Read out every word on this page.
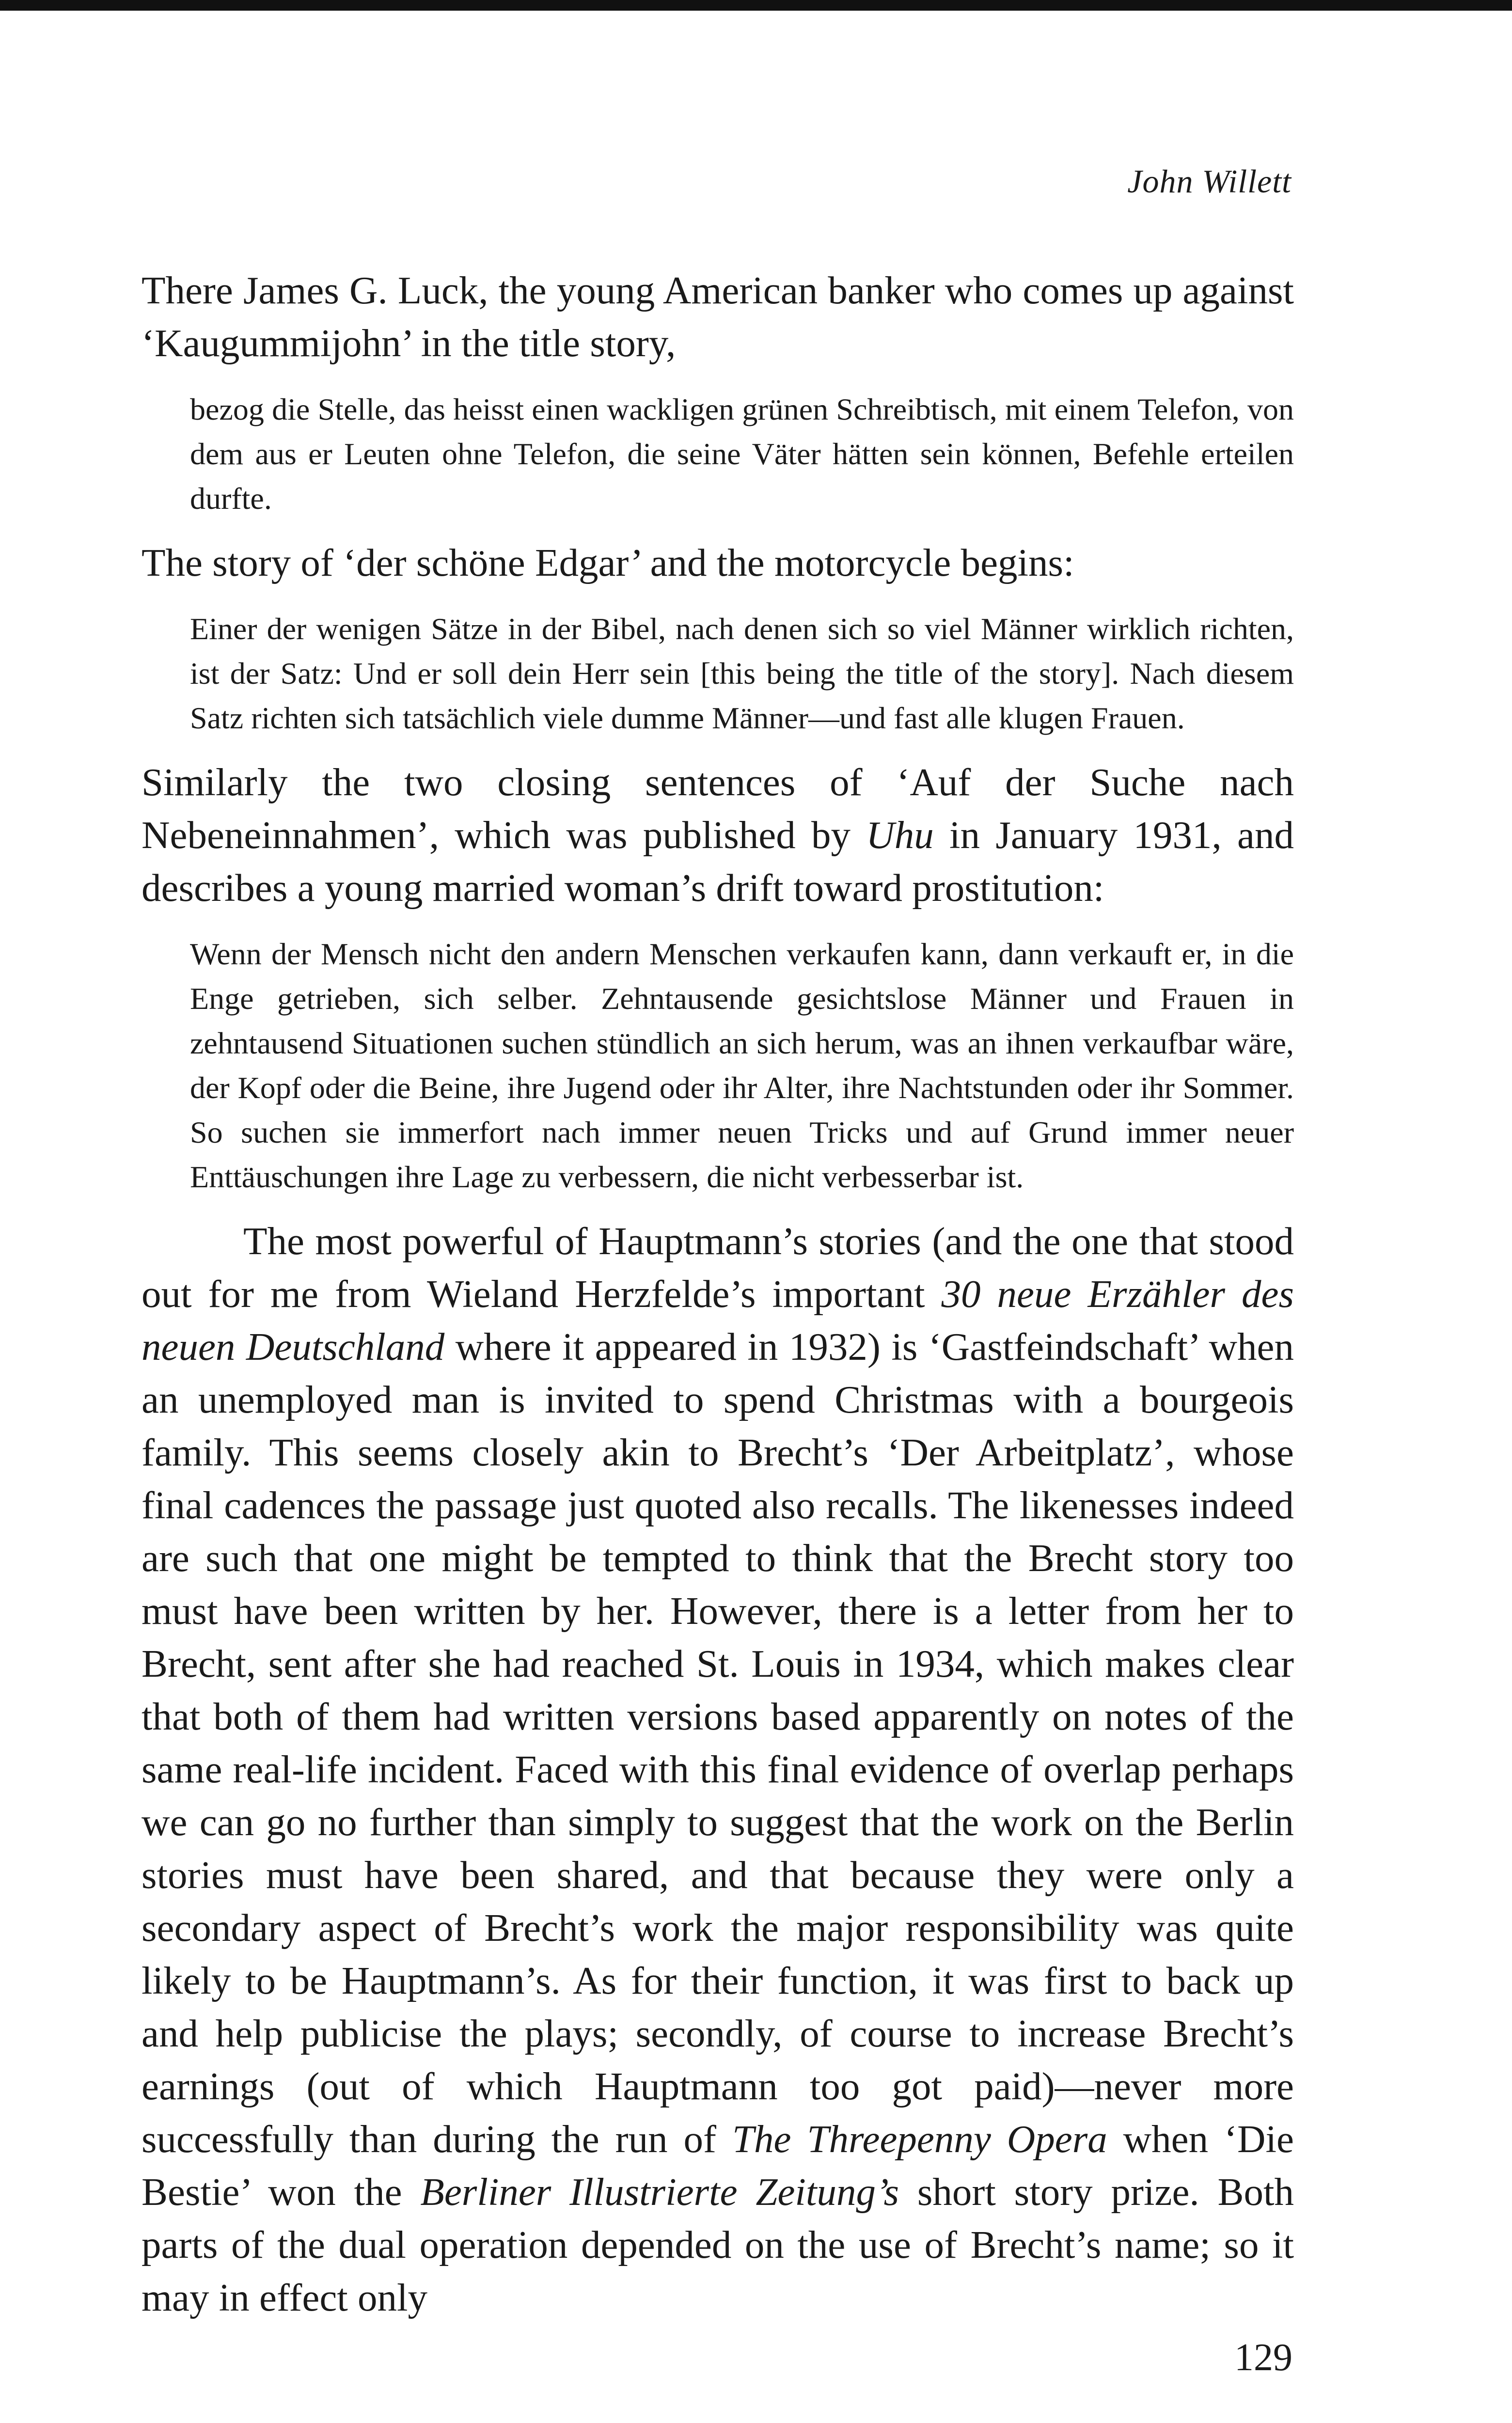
John Willett

There James G. Luck, the young American banker who comes up against ‘Kaugummijohn’ in the title story,

bezog die Stelle, das heisst einen wackligen grünen Schreibtisch, mit einem Telefon, von dem aus er Leuten ohne Telefon, die seine Väter hätten sein können, Befehle erteilen durfte.

The story of ‘der schöne Edgar’ and the motorcycle begins:

Einer der wenigen Sätze in der Bibel, nach denen sich so viel Männer wirklich richten, ist der Satz: Und er soll dein Herr sein [this being the title of the story]. Nach diesem Satz richten sich tatsächlich viele dumme Männer—und fast alle klugen Frauen.

Similarly the two closing sentences of ‘Auf der Suche nach Nebeneinnahmen’, which was published by Uhu in January 1931, and describes a young married woman’s drift toward prostitution:

Wenn der Mensch nicht den andern Menschen verkaufen kann, dann verkauft er, in die Enge getrieben, sich selber. Zehntausende gesichtslose Männer und Frauen in zehntausend Situationen suchen stündlich an sich herum, was an ihnen verkaufbar wäre, der Kopf oder die Beine, ihre Jugend oder ihr Alter, ihre Nachtstunden oder ihr Sommer. So suchen sie immerfort nach immer neuen Tricks und auf Grund immer neuer Enttäuschungen ihre Lage zu verbessern, die nicht verbesserbar ist.

The most powerful of Hauptmann’s stories (and the one that stood out for me from Wieland Herzfelde’s important 30 neue Erzähler des neuen Deutschland where it appeared in 1932) is ‘Gastfeindschaft’ when an unemployed man is invited to spend Christmas with a bourgeois family. This seems closely akin to Brecht’s ‘Der Arbeitplatz’, whose final cadences the passage just quoted also recalls. The likenesses indeed are such that one might be tempted to think that the Brecht story too must have been written by her. However, there is a letter from her to Brecht, sent after she had reached St. Louis in 1934, which makes clear that both of them had written versions based apparently on notes of the same real-life incident. Faced with this final evidence of overlap perhaps we can go no further than simply to suggest that the work on the Berlin stories must have been shared, and that because they were only a secondary aspect of Brecht’s work the major responsibility was quite likely to be Hauptmann’s. As for their function, it was first to back up and help publicise the plays; secondly, of course to increase Brecht’s earnings (out of which Hauptmann too got paid)—never more successfully than during the run of The Threepenny Opera when ‘Die Bestie’ won the Berliner Illustrierte Zeitung’s short story prize. Both parts of the dual operation depended on the use of Brecht’s name; so it may in effect only

129
